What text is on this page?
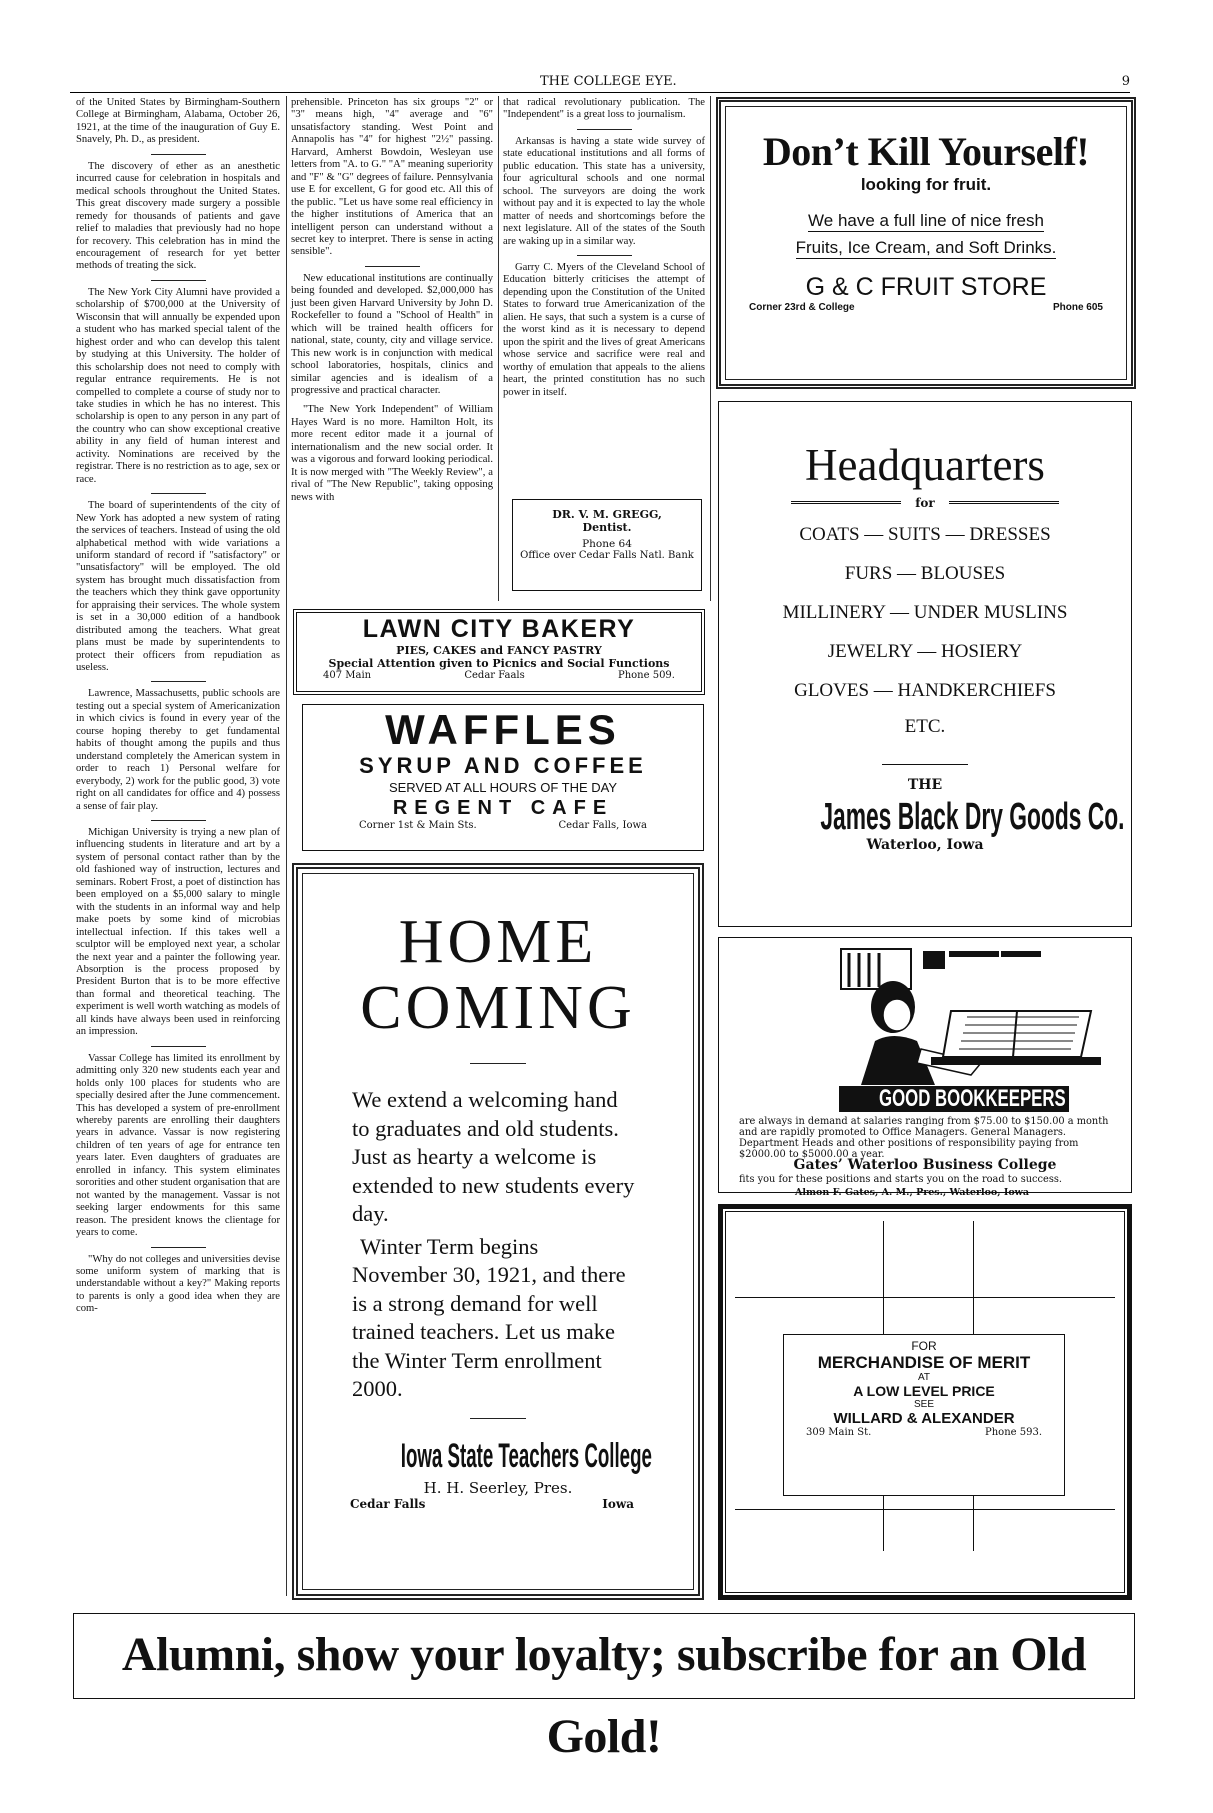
THE COLLEGE EYE.	9

of the United States by Birmingham-Southern College at Birmingham, Alabama, October 26, 1921, at the time of the inauguration of Guy E. Snavely, Ph. D., as president.

The discovery of ether as an anesthetic incurred cause for celebration in hospitals and medical schools throughout the United States. This great discovery made surgery a possible remedy for thousands of patients and gave relief to maladies that previously had no hope for recovery. This celebration has in mind the encouragement of research for yet better methods of treating the sick.

The New York City Alumni have provided a scholarship of $700,000 at the University of Wisconsin that will annually be expended upon a student who has marked special talent of the highest order and who can develop this talent by studying at this University. The holder of this scholarship does not need to comply with regular entrance requirements. He is not compelled to complete a course of study nor to take studies in which he has no interest. This scholarship is open to any person in any part of the country who can show exceptional creative ability in any field of human interest and activity. Nominations are received by the registrar. There is no restriction as to age, sex or race.

The board of superintendents of the city of New York has adopted a new system of rating the services of teachers. Instead of using the old alphabetical method with wide variations a uniform standard of record if "satisfactory" or "unsatisfactory" will be employed. The old system has brought much dissatisfaction from the teachers which they think gave opportunity for appraising their services. The whole system is set in a 30,000 edition of a handbook distributed among the teachers. What great plans must be made by superintendents to protect their officers from repudiation as useless.

Lawrence, Massachusetts, public schools are testing out a special system of Americanization in which civics is found in every year of the course hoping thereby to get fundamental habits of thought among the pupils and thus understand completely the American system in order to reach 1) Personal welfare for everybody, 2) work for the public good, 3) vote right on all candidates for office and 4) possess a sense of fair play.

Michigan University is trying a new plan of influencing students in literature and art by a system of personal contact rather than by the old fashioned way of instruction, lectures and seminars. Robert Frost, a poet of distinction has been employed on a $5,000 salary to mingle with the students in an informal way and help make poets by some kind of microbias intellectual infection. If this takes well a sculptor will be employed next year, a scholar the next year and a painter the following year. Absorption is the process proposed by President Burton that is to be more effective than formal and theoretical teaching. The experiment is well worth watching as models of all kinds have always been used in reinforcing an impression.

Vassar College has limited its enrollment by admitting only 320 new students each year and holds only 100 places for students who are specially desired after the June commencement. This has developed a system of pre-enrollment whereby parents are enrolling their daughters years in advance. Vassar is now registering children of ten years of age for entrance ten years later. Even daughters of graduates are enrolled in infancy. This system eliminates sororities and other student organisation that are not wanted by the management. Vassar is not seeking larger endowments for this same reason. The president knows the clientage for years to come.

"Why do not colleges and universities devise some uniform system of marking that is understandable without a key?" Making reports to parents is only a good idea when they are com-

prehensible. Princeton has six groups "2" or "3" means high, "4" average and "6" unsatisfactory standing. West Point and Annapolis has "4" for highest "2½" passing. Harvard, Amherst Bowdoin, Wesleyan use letters from "A. to G." "A" meaning superiority and "F" & "G" degrees of failure. Pennsylvania use E for excellent, G for good etc. All this of the public. "Let us have some real efficiency in the higher institutions of America that an intelligent person can understand without a secret key to interpret. There is sense in acting sensible".

New educational institutions are continually being founded and developed. $2,000,000 has just been given Harvard University by John D. Rockefeller to found a "School of Health" in which will be trained health officers for national, state, county, city and village service. This new work is in conjunction with medical school laboratories, hospitals, clinics and similar agencies and is idealism of a progressive and practical character.

"The New York Independent" of William Hayes Ward is no more. Hamilton Holt, its more recent editor made it a journal of internationalism and the new social order. It was a vigorous and forward looking periodical. It is now merged with "The Weekly Review", a rival of "The New Republic", taking opposing news with

that radical revolutionary publication. The "Independent" is a great loss to journalism.

Arkansas is having a state wide survey of state educational institutions and all forms of public education. This state has a university, four agricultural schools and one normal school. The surveyors are doing the work without pay and it is expected to lay the whole matter of needs and shortcomings before the next legislature. All of the states of the South are waking up in a similar way.

Garry C. Myers of the Cleveland School of Education bitterly criticises the attempt of depending upon the Constitution of the United States to forward true Americanization of the alien. He says, that such a system is a curse of the worst kind as it is necessary to depend upon the spirit and the lives of great Americans whose service and sacrifice were real and worthy of emulation that appeals to the aliens heart, the printed constitution has no such power in itself.

DR. V. M. GREGG,
Dentist.
Phone 64
Office over Cedar Falls Natl. Bank
LAWN CITY BAKERY
PIES, CAKES and FANCY PASTRY
Special Attention given to Picnics and Social Functions
407 Main	Cedar Faals	Phone 509.
WAFFLES
SYRUP AND COFFEE
SERVED AT ALL HOURS OF THE DAY
REGENT CAFE
Corner 1st & Main Sts.	Cedar Falls, Iowa
HOME
COMING
We extend a welcoming hand to graduates and old students. Just as hearty a welcome is extended to new students every day.
Winter Term begins November 30, 1921, and there is a strong demand for well trained teachers. Let us make the Winter Term enrollment 2000.
Iowa State Teachers College
H. H. Seerley, Pres.
Cedar Falls	Iowa
Don’t Kill Yourself!
looking for fruit.
We have a full line of nice fresh
Fruits, Ice Cream, and Soft Drinks.
G & C FRUIT STORE
Corner 23rd & College	Phone 605
Headquarters
for
COATS — SUITS — DRESSES
FURS — BLOUSES
MILLINERY — UNDER MUSLINS
JEWELRY — HOSIERY
GLOVES — HANDKERCHIEFS
ETC.
THE
James Black Dry Goods Co.
Waterloo, Iowa
GOOD BOOKKEEPERS
are always in demand at salaries ranging from $75.00 to $150.00 a month and are rapidly promoted to Office Managers. General Managers. Department Heads and other positions of responsibility paying from $2000.00 to $5000.00 a year.
Gates’ Waterloo Business College
fits you for these positions and starts you on the road to success.
Almon F. Gates, A. M., Pres., Waterloo, Iowa
FOR
MERCHANDISE OF MERIT
AT
A LOW LEVEL PRICE
SEE
WILLARD & ALEXANDER
309 Main St.	Phone 593.
Alumni, show your loyalty; subscribe for an Old Gold!
